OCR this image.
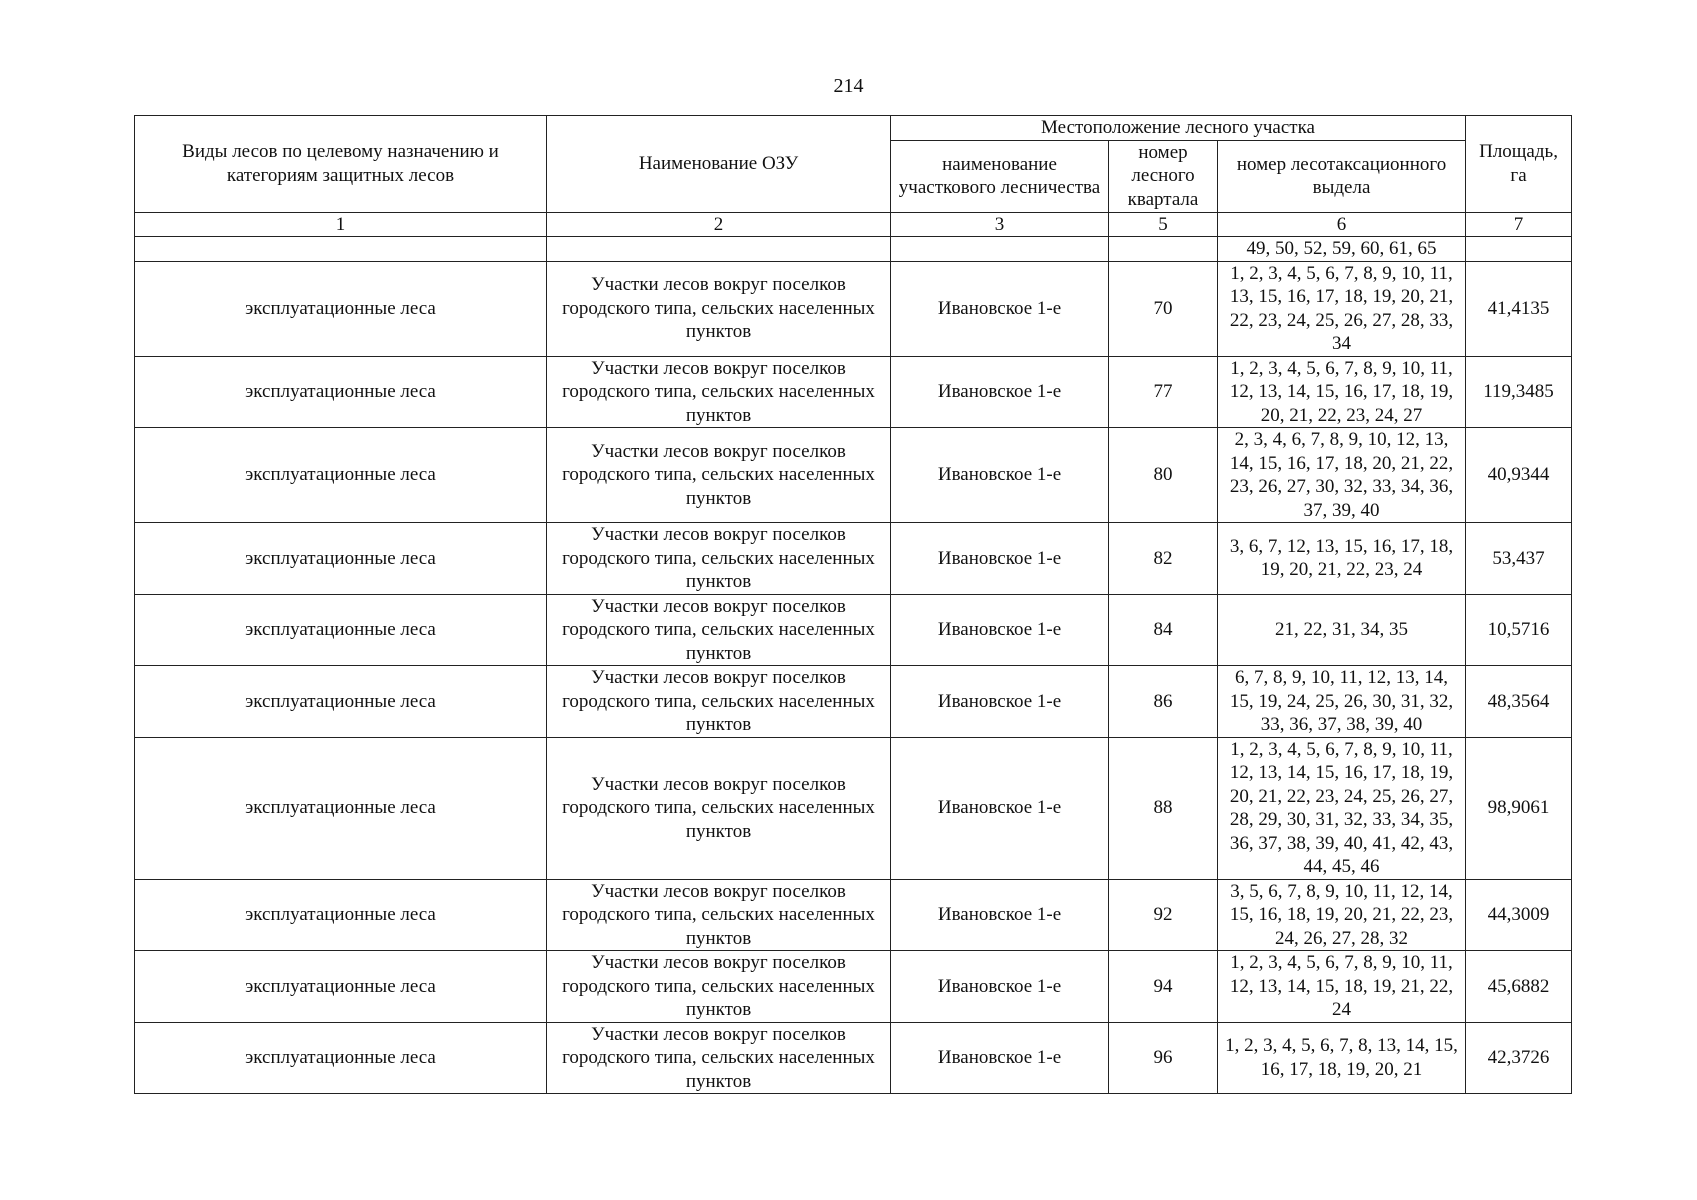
214
Виды лесов по целевому назначению и категориям защитных лесов	Наименование ОЗУ	Местоположение лесного участка			Площадь, га
		наименование участкового лесничества	номер лесного квартала	номер лесотаксационного выдела	
1	2	3	5	6	7
				49, 50, 52, 59, 60, 61, 65	
эксплуатационные леса	Участки лесов вокруг поселков городского типа, сельских населенных пунктов	Ивановское 1-е	70	1, 2, 3, 4, 5, 6, 7, 8, 9, 10, 11, 13, 15, 16, 17, 18, 19, 20, 21, 22, 23, 24, 25, 26, 27, 28, 33, 34	41,4135
эксплуатационные леса	Участки лесов вокруг поселков городского типа, сельских населенных пунктов	Ивановское 1-е	77	1, 2, 3, 4, 5, 6, 7, 8, 9, 10, 11, 12, 13, 14, 15, 16, 17, 18, 19, 20, 21, 22, 23, 24, 27	119,3485
эксплуатационные леса	Участки лесов вокруг поселков городского типа, сельских населенных пунктов	Ивановское 1-е	80	2, 3, 4, 6, 7, 8, 9, 10, 12, 13, 14, 15, 16, 17, 18, 20, 21, 22, 23, 26, 27, 30, 32, 33, 34, 36, 37, 39, 40	40,9344
эксплуатационные леса	Участки лесов вокруг поселков городского типа, сельских населенных пунктов	Ивановское 1-е	82	3, 6, 7, 12, 13, 15, 16, 17, 18, 19, 20, 21, 22, 23, 24	53,437
эксплуатационные леса	Участки лесов вокруг поселков городского типа, сельских населенных пунктов	Ивановское 1-е	84	21, 22, 31, 34, 35	10,5716
эксплуатационные леса	Участки лесов вокруг поселков городского типа, сельских населенных пунктов	Ивановское 1-е	86	6, 7, 8, 9, 10, 11, 12, 13, 14, 15, 19, 24, 25, 26, 30, 31, 32, 33, 36, 37, 38, 39, 40	48,3564
эксплуатационные леса	Участки лесов вокруг поселков городского типа, сельских населенных пунктов	Ивановское 1-е	88	1, 2, 3, 4, 5, 6, 7, 8, 9, 10, 11, 12, 13, 14, 15, 16, 17, 18, 19, 20, 21, 22, 23, 24, 25, 26, 27, 28, 29, 30, 31, 32, 33, 34, 35, 36, 37, 38, 39, 40, 41, 42, 43, 44, 45, 46	98,9061
эксплуатационные леса	Участки лесов вокруг поселков городского типа, сельских населенных пунктов	Ивановское 1-е	92	3, 5, 6, 7, 8, 9, 10, 11, 12, 14, 15, 16, 18, 19, 20, 21, 22, 23, 24, 26, 27, 28, 32	44,3009
эксплуатационные леса	Участки лесов вокруг поселков городского типа, сельских населенных пунктов	Ивановское 1-е	94	1, 2, 3, 4, 5, 6, 7, 8, 9, 10, 11, 12, 13, 14, 15, 18, 19, 21, 22, 24	45,6882
эксплуатационные леса	Участки лесов вокруг поселков городского типа, сельских населенных пунктов	Ивановское 1-е	96	1, 2, 3, 4, 5, 6, 7, 8, 13, 14, 15, 16, 17, 18, 19, 20, 21	42,3726
